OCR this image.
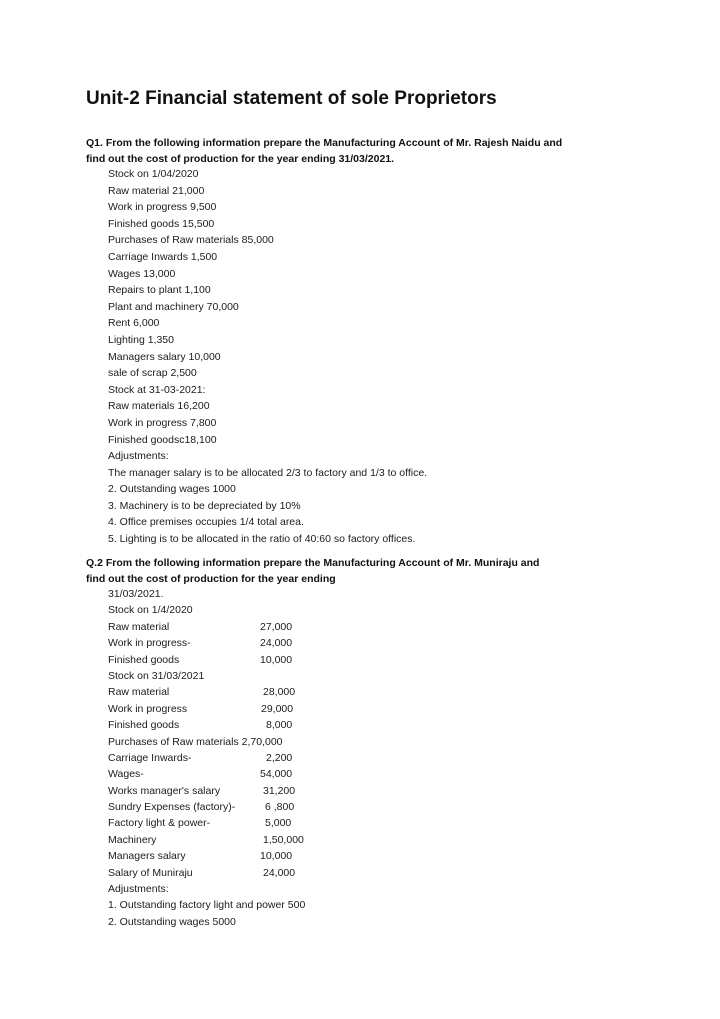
Unit-2 Financial statement of sole Proprietors
Q1. From the following information prepare the Manufacturing Account of Mr. Rajesh Naidu and
find out the cost of production for the year ending 31/03/2021.
Stock on 1/04/2020
Raw material 21,000
Work in progress 9,500
Finished goods 15,500
Purchases of Raw materials 85,000
Carriage Inwards 1,500
Wages 13,000
Repairs to plant 1,100
Plant and machinery 70,000
Rent 6,000
Lighting 1,350
Managers salary 10,000
sale of scrap 2,500
Stock at 31-03-2021:
Raw materials 16,200
Work in progress 7,800
Finished goodsc18,100
Adjustments:
The manager salary is to be allocated 2/3 to factory and 1/3 to office.
2. Outstanding wages 1000
3. Machinery is to be depreciated by 10%
4. Office premises occupies 1/4 total area.
5. Lighting is to be allocated in the ratio of 40:60 so factory offices.
Q.2 From the following information prepare the Manufacturing Account of Mr. Muniraju and
find out the cost of production for the year ending
31/03/2021.
Stock on 1/4/2020
Raw material	27,000
Work in progress-	24,000
Finished goods	10,000
Stock on 31/03/2021
Raw material	28,000
Work in progress	29,000
Finished goods	8,000
Purchases of Raw materials 2,70,000
Carriage Inwards-	2,200
Wages-	54,000
Works manager's salary	31,200
Sundry Expenses (factory)-	6 ,800
Factory light & power-	5,000
Machinery	1,50,000
Managers salary	10,000
Salary of Muniraju	24,000
Adjustments:
1. Outstanding factory light and power 500
2. Outstanding wages 5000
